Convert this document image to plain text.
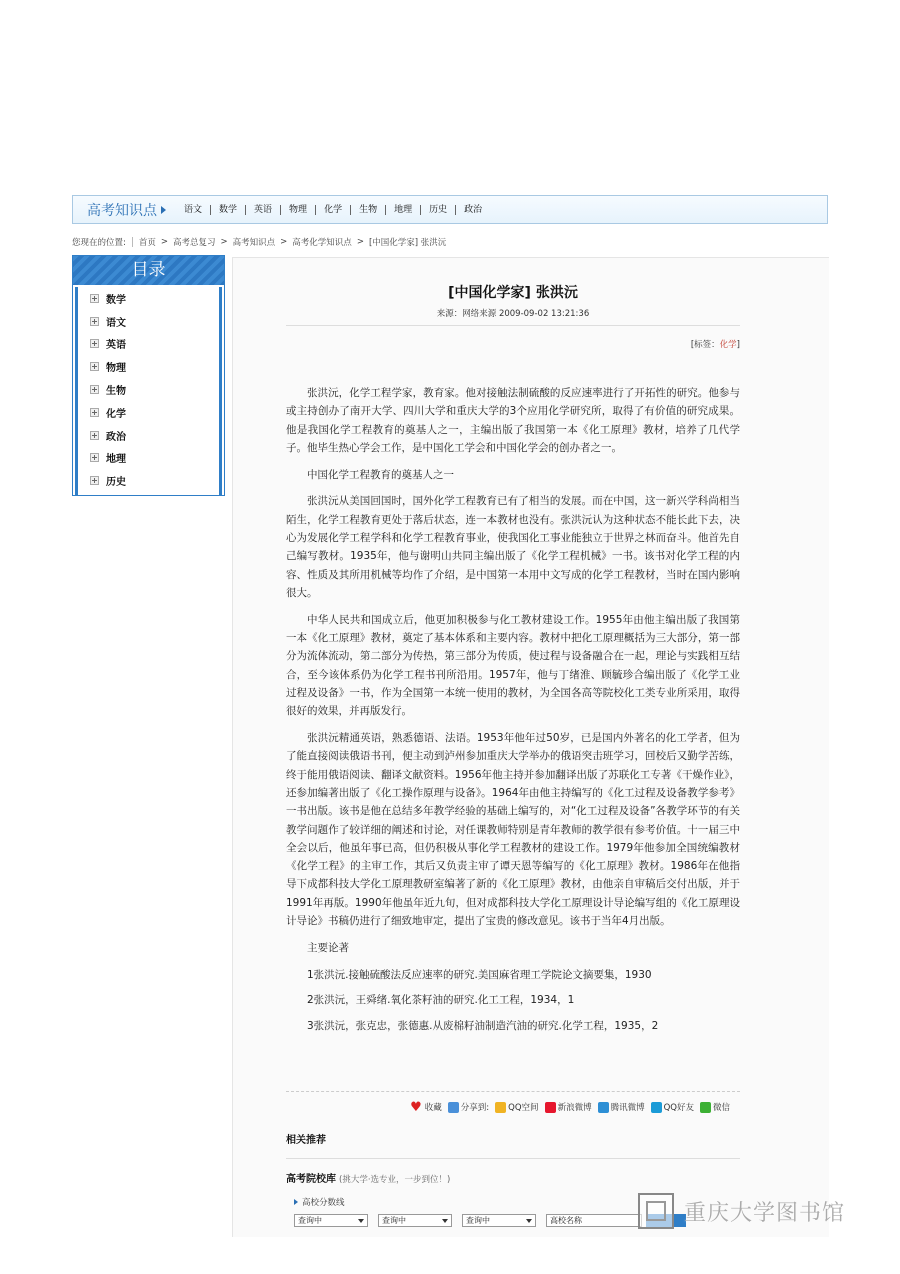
高考知识点	语文	数学	英语	物理	化学	生物	地理	历史	政治
您现在的位置: 首页 > 高考总复习 > 高考知识点 > 高考化学知识点 > [中国化学家] 张洪沅
目录
数学
语文
英语
物理
生物
化学
政治
地理
历史
[中国化学家] 张洪沅
来源：网络来源 2009-09-02 13:21:36
[标签：化学]

张洪沅，化学工程学家，教育家。他对接触法制硫酸的反应速率进行了开拓性的研究。他参与或主持创办了南开大学、四川大学和重庆大学的3个应用化学研究所，取得了有价值的研究成果。他是我国化学工程教育的奠基人之一，主编出版了我国第一本《化工原理》教材，培养了几代学子。他毕生热心学会工作，是中国化工学会和中国化学会的创办者之一。

中国化学工程教育的奠基人之一

张洪沅从美国回国时，国外化学工程教育已有了相当的发展。而在中国，这一新兴学科尚相当陌生，化学工程教育更处于落后状态，连一本教材也没有。张洪沅认为这种状态不能长此下去，决心为发展化学工程学科和化学工程教育事业，使我国化工事业能独立于世界之林而奋斗。他首先自己编写教材。1935年，他与谢明山共同主编出版了《化学工程机械》一书。该书对化学工程的内容、性质及其所用机械等均作了介绍，是中国第一本用中文写成的化学工程教材，当时在国内影响很大。

中华人民共和国成立后，他更加积极参与化工教材建设工作。1955年由他主编出版了我国第一本《化工原理》教材，奠定了基本体系和主要内容。教材中把化工原理概括为三大部分，第一部分为流体流动，第二部分为传热，第三部分为传质，使过程与设备融合在一起，理论与实践相互结合，至今该体系仍为化学工程书刊所沿用。1957年，他与丁绪淮、顾毓珍合编出版了《化学工业过程及设备》一书，作为全国第一本统一使用的教材，为全国各高等院校化工类专业所采用，取得很好的效果，并再版发行。

张洪沅精通英语，熟悉德语、法语。1953年他年过50岁，已是国内外著名的化工学者，但为了能直接阅读俄语书刊，便主动到泸州参加重庆大学举办的俄语突击班学习，回校后又勤学苦练，终于能用俄语阅读、翻译文献资料。1956年他主持并参加翻译出版了苏联化工专著《干燥作业》，还参加编著出版了《化工操作原理与设备》。1964年由他主持编写的《化工过程及设备教学参考》一书出版。该书是他在总结多年教学经验的基础上编写的，对“化工过程及设备”各教学环节的有关教学问题作了较详细的阐述和讨论，对任课教师特别是青年教师的教学很有参考价值。十一届三中全会以后，他虽年事已高，但仍积极从事化学工程教材的建设工作。1979年他参加全国统编教材《化学工程》的主审工作，其后又负责主审了谭天恩等编写的《化工原理》教材。1986年在他指导下成都科技大学化工原理教研室编著了新的《化工原理》教材，由他亲自审稿后交付出版，并于1991年再版。1990年他虽年近九旬，但对成都科技大学化工原理设计导论编写组的《化工原理设计导论》书稿仍进行了细致地审定，提出了宝贵的修改意见。该书于当年4月出版。

主要论著

1张洪沅.接触硫酸法反应速率的研究.美国麻省理工学院论文摘要集，1930

2张洪沅，王舜绪.氧化茶籽油的研究.化工工程，1934，1

3张洪沅，张克忠，张德惠.从废棉籽油制造汽油的研究.化学工程，1935，2

♥ 收藏 分享到: QQ空间 新浪微博 腾讯微博 QQ好友 微信
相关推荐
高考院校库 (挑大学·选专业，一步到位！)
高校分数线
查询中	查询中	查询中	高校名称	重庆大学图书馆
